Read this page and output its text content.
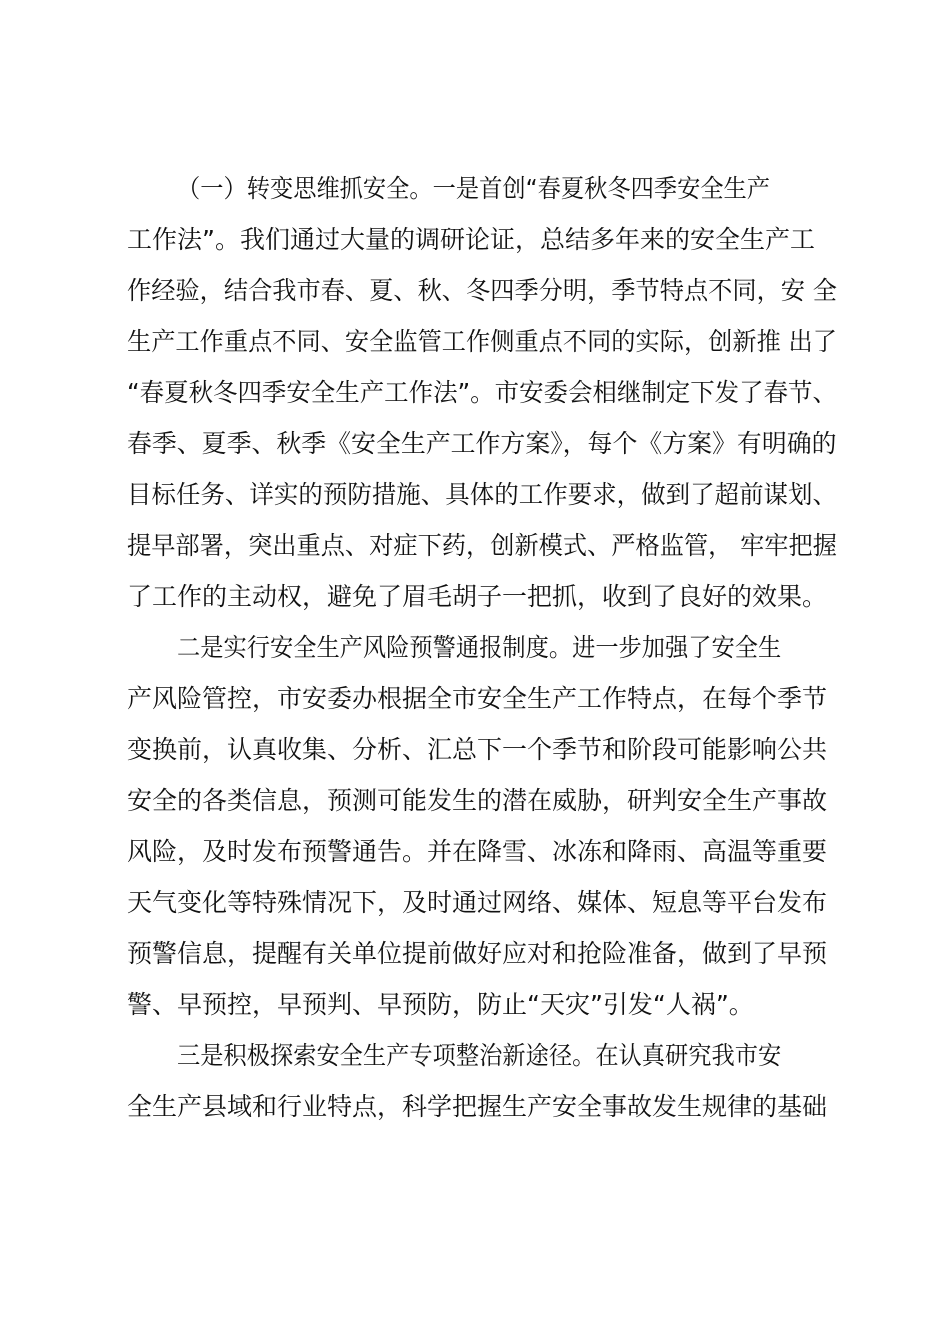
（一）转变思维抓安全。一是首创“春夏秋冬四季安全生产
工作法”。我们通过大量的调研论证，总结多年来的安全生产工
作经验，结合我市春、夏、秋、冬四季分明，季节特点不同，安 全
生产工作重点不同、安全监管工作侧重点不同的实际，创新推 出了
“春夏秋冬四季安全生产工作法”。市安委会相继制定下发了春节、
春季、夏季、秋季《安全生产工作方案》，每个《方案》有明确的
目标任务、详实的预防措施、具体的工作要求，做到了超前谋划、
提早部署，突出重点、对症下药，创新模式、严格监管， 牢牢把握
了工作的主动权，避免了眉毛胡子一把抓，收到了良好的效果。
二是实行安全生产风险预警通报制度。进一步加强了安全生
产风险管控，市安委办根据全市安全生产工作特点，在每个季节
变换前，认真收集、分析、汇总下一个季节和阶段可能影响公共
安全的各类信息，预测可能发生的潜在威胁，研判安全生产事故
风险，及时发布预警通告。并在降雪、冰冻和降雨、高温等重要
天气变化等特殊情况下，及时通过网络、媒体、短息等平台发布
预警信息，提醒有关单位提前做好应对和抢险准备，做到了早预
警、早预控，早预判、早预防，防止“天灾”引发“人祸”。
三是积极探索安全生产专项整治新途径。在认真研究我市安
全生产县域和行业特点，科学把握生产安全事故发生规律的基础
